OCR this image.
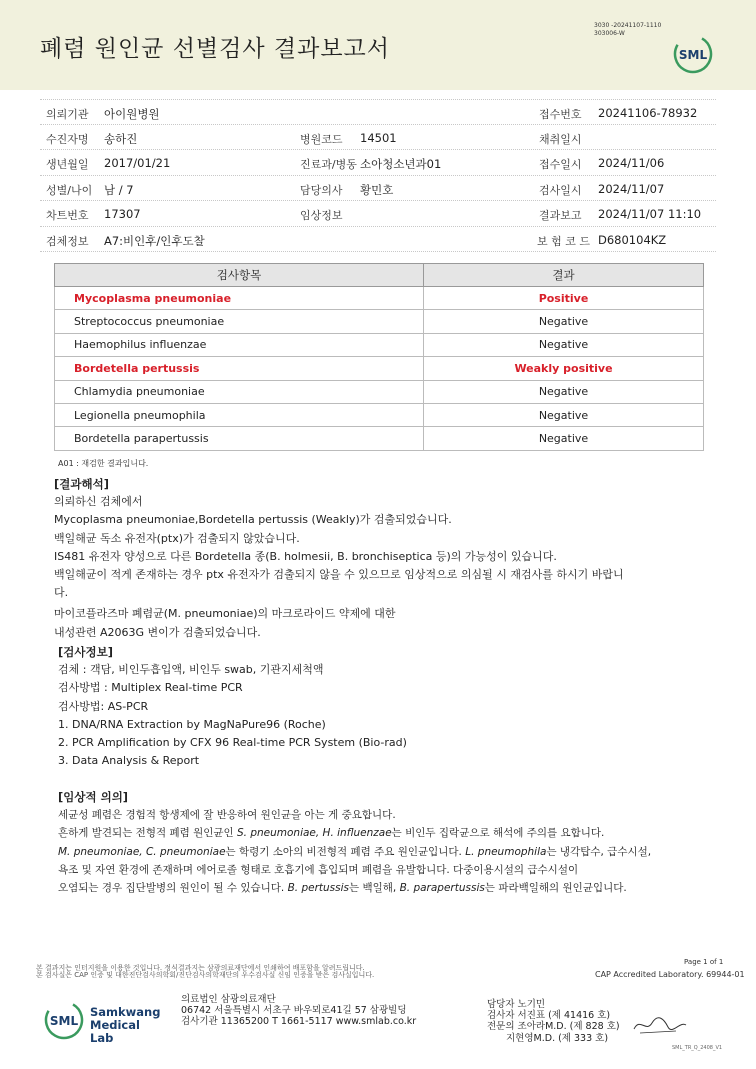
폐렴 원인균 선별검사 결과보고서
3030 -20241107-1110
303006-W
SML
의뢰기관 아이원병원	접수번호 20241106-78932
수진자명 송하진	병원코드 14501	채취일시
생년월일 2017/01/21	진료과/병동 소아청소년과01	접수일시 2024/11/06
성별/나이 남 / 7	담당의사 황민호	검사일시 2024/11/07
차트번호 17307	임상정보	결과보고 2024/11/07 11:10
검체정보 A7:비인후/인후도찰	보 험 코 드 D680104KZ
검사항목	결과
Mycoplasma pneumoniae	Positive
Streptococcus pneumoniae	Negative
Haemophilus influenzae	Negative
Bordetella pertussis	Weakly positive
Chlamydia pneumoniae	Negative
Legionella pneumophila	Negative
Bordetella parapertussis	Negative
A01 : 재검한 결과입니다.
[결과해석]

의뢰하신 검체에서

Mycoplasma pneumoniae,Bordetella pertussis (Weakly)가 검출되었습니다.

백일해균 독소 유전자(ptx)가 검출되지 않았습니다.

IS481 유전자 양성으로 다른 Bordetella 종(B. holmesii, B. bronchiseptica 등)의 가능성이 있습니다.

백일해균이 적게 존재하는 경우 ptx 유전자가 검출되지 않을 수 있으므로 임상적으로 의심될 시 재검사를 하시기 바랍니

다.

마이코플라즈마 폐렴균(M. pneumoniae)의 마크로라이드 약제에 대한

내성관련 A2063G 변이가 검출되었습니다.

[검사정보]

검체 : 객담, 비인두흡입액, 비인두 swab, 기관지세척액

검사방법 : Multiplex Real-time PCR

검사방법: AS-PCR

1. DNA/RNA Extraction by MagNaPure96 (Roche)

2. PCR Amplification by CFX 96 Real-time PCR System (Bio-rad)

3. Data Analysis & Report

[임상적 의의]

세균성 폐렴은 경험적 항생제에 잘 반응하여 원인균을 아는 게 중요합니다.

흔하게 발견되는 전형적 폐렴 원인균인 S. pneumoniae, H. influenzae는 비인두 집락균으로 해석에 주의를 요합니다.

M. pneumoniae, C. pneumoniae는 학령기 소아의 비전형적 폐렴 주요 원인균입니다. L. pneumophila는 냉각탑수, 급수시설,

욕조 및 자연 환경에 존재하며 에어로졸 형태로 호흡기에 흡입되며 폐렴을 유발합니다. 다중이용시설의 급수시설이

오염되는 경우 집단발병의 원인이 될 수 있습니다. B. pertussis는 백일해, B. parapertussis는 파라백일해의 원인균입니다.

본 결과지는 인터지원을 이용한 것입니다. 정식결과지는 삼광의료재단에서 인쇄하여 배포함을 알려드립니다.
본 검사실은 CAP 인증 및 대한진단검사의학회/진단검사의학재단의 우수검사실 신임 인증을 받은 검사실입니다.
Page 1 of 1
CAP Accredited Laboratory. 69944-01
SML
Samkwang
Medical Lab
의료법인 삼광의료재단
06742 서울특별시 서초구 바우뫼로41길 57 삼광빌딩
검사기관 11365200 T 1661-5117 www.smlab.co.kr
담당자 노기민
검사자 서진표 (제 41416 호)
전문의 조아라M.D. (제 828 호)
지현영M.D. (제 333 호)
SML_TR_Q_2408_V1
